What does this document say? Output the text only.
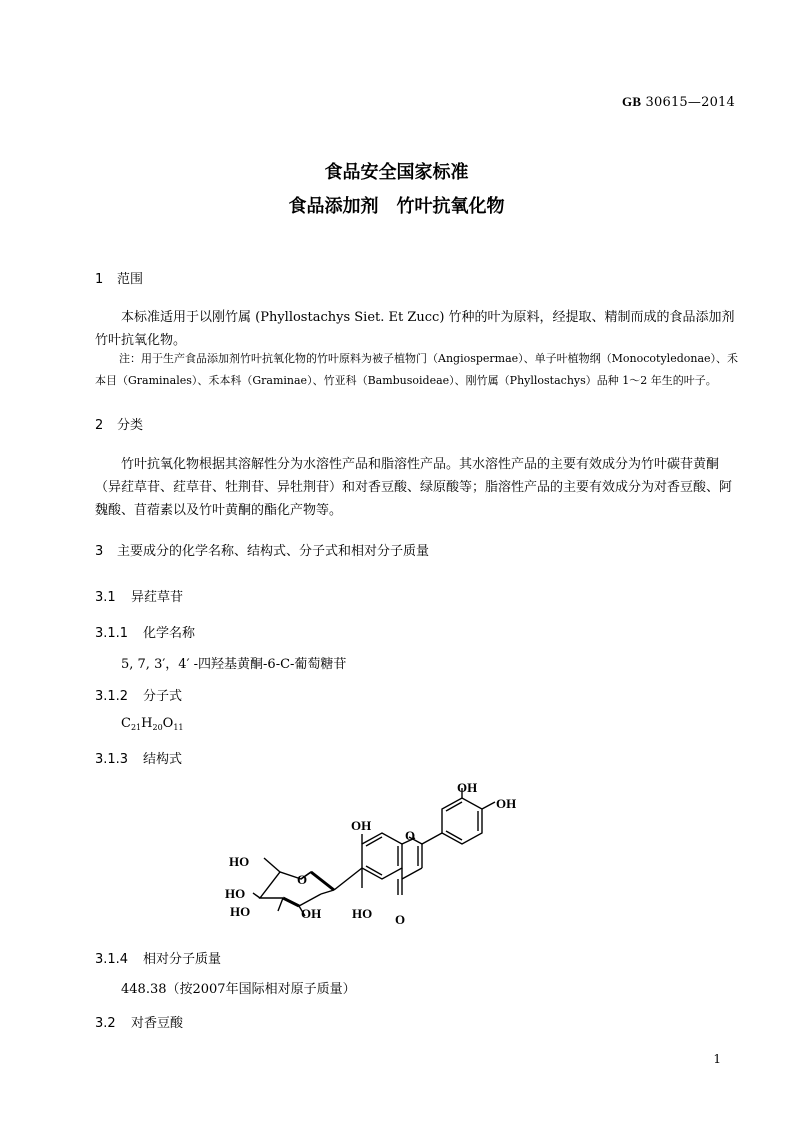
GB 30615—2014
食品安全国家标准
食品添加剂　竹叶抗氧化物
1 范围
本标准适用于以刚竹属 (Phyllostachys Siet. Et Zucc) 竹种的叶为原料，经提取、精制而成的食品添加剂竹叶抗氧化物。
注：用于生产食品添加剂竹叶抗氧化物的竹叶原料为被子植物门（Angiospermae）、单子叶植物纲（Monocotyledonae）、禾本目（Graminales）、禾本科（Graminae）、竹亚科（Bambusoideae）、刚竹属（Phyllostachys）品种 1～2 年生的叶子。
2 分类
竹叶抗氧化物根据其溶解性分为水溶性产品和脂溶性产品。其水溶性产品的主要有效成分为竹叶碳苷黄酮（异荭草苷、荭草苷、牡荆苷、异牡荆苷）和对香豆酸、绿原酸等；脂溶性产品的主要有效成分为对香豆酸、阿魏酸、苜蓿素以及竹叶黄酮的酯化产物等。
3 主要成分的化学名称、结构式、分子式和相对分子质量
3.1 异荭草苷
3.1.1 化学名称
5, 7, 3′，4′ -四羟基黄酮-6-C-葡萄糖苷
3.1.2 分子式
$C_{21}H_{20}O_{11}$
3.1.3 结构式
OH
OH
OH
O
HO
O
HO
HO	OH HO O
3.1.4 相对分子质量
448.38（按2007年国际相对原子质量）
3.2 对香豆酸
1
